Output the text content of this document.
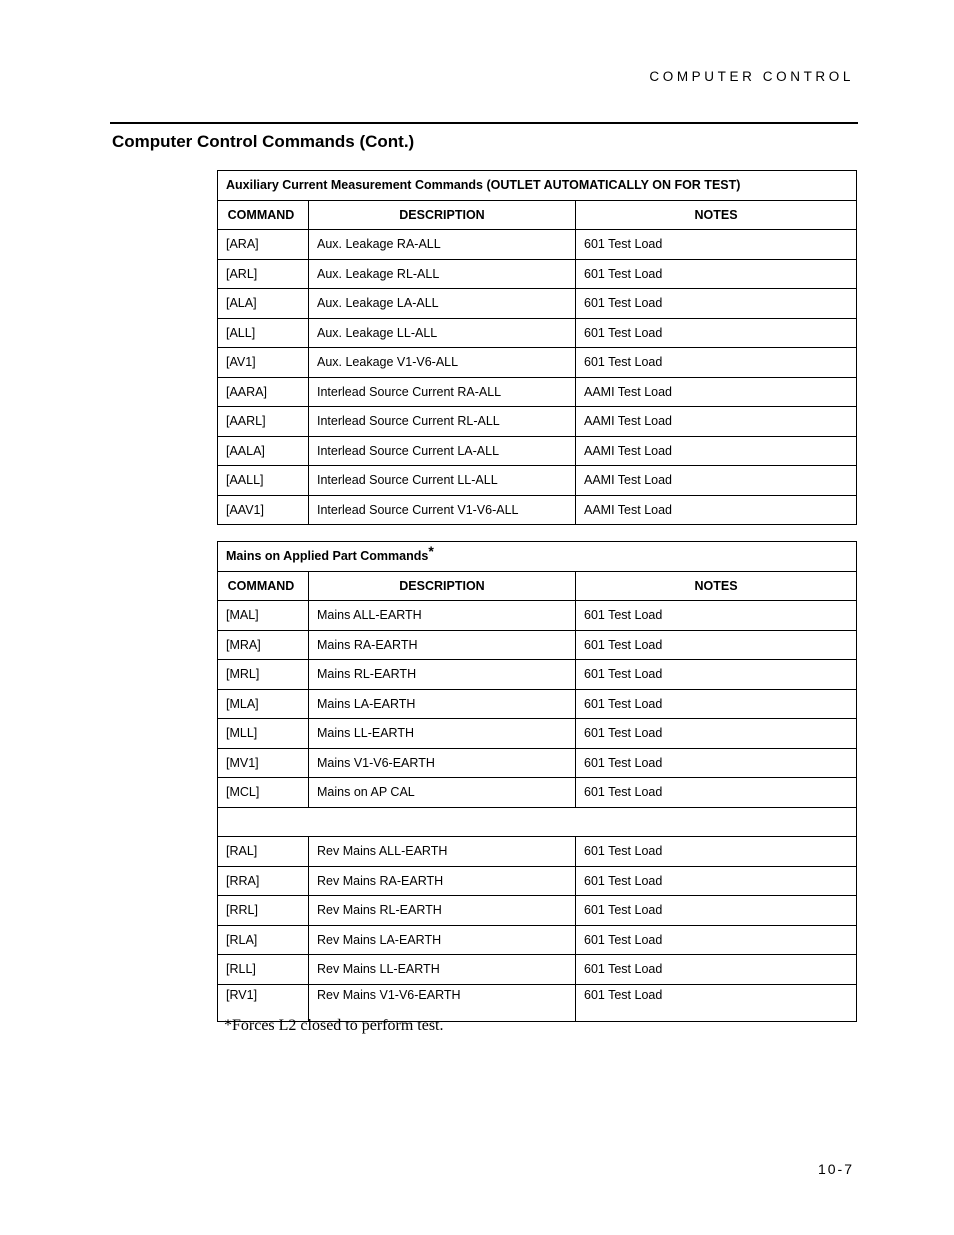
COMPUTER CONTROL
Computer Control Commands (Cont.)
Auxiliary Current Measurement Commands (OUTLET AUTOMATICALLY ON FOR TEST)		
COMMAND	DESCRIPTION	NOTES
[ARA]	Aux. Leakage RA-ALL	601 Test Load
[ARL]	Aux. Leakage RL-ALL	601 Test Load
[ALA]	Aux. Leakage LA-ALL	601 Test Load
[ALL]	Aux. Leakage LL-ALL	601 Test Load
[AV1]	Aux. Leakage V1-V6-ALL	601 Test Load
[AARA]	Interlead Source Current RA-ALL	AAMI Test Load
[AARL]	Interlead Source Current RL-ALL	AAMI Test Load
[AALA]	Interlead Source Current LA-ALL	AAMI Test Load
[AALL]	Interlead Source Current LL-ALL	AAMI Test Load
[AAV1]	Interlead Source Current V1-V6-ALL	AAMI Test Load
Mains on Applied Part Commands*
COMMAND	DESCRIPTION	NOTES
[MAL]	Mains ALL-EARTH	601 Test Load
[MRA]	Mains RA-EARTH	601 Test Load
[MRL]	Mains RL-EARTH	601 Test Load
[MLA]	Mains LA-EARTH	601 Test Load
[MLL]	Mains LL-EARTH	601 Test Load
[MV1]	Mains V1-V6-EARTH	601 Test Load
[MCL]	Mains on AP CAL	601 Test Load

[RAL]	Rev Mains ALL-EARTH	601 Test Load
[RRA]	Rev Mains RA-EARTH	601 Test Load
[RRL]	Rev Mains RL-EARTH	601 Test Load
[RLA]	Rev Mains LA-EARTH	601 Test Load
[RLL]	Rev Mains LL-EARTH	601 Test Load
[RV1]	Rev Mains V1-V6-EARTH	601 Test Load
*Forces L2 closed to perform test.
10-7
